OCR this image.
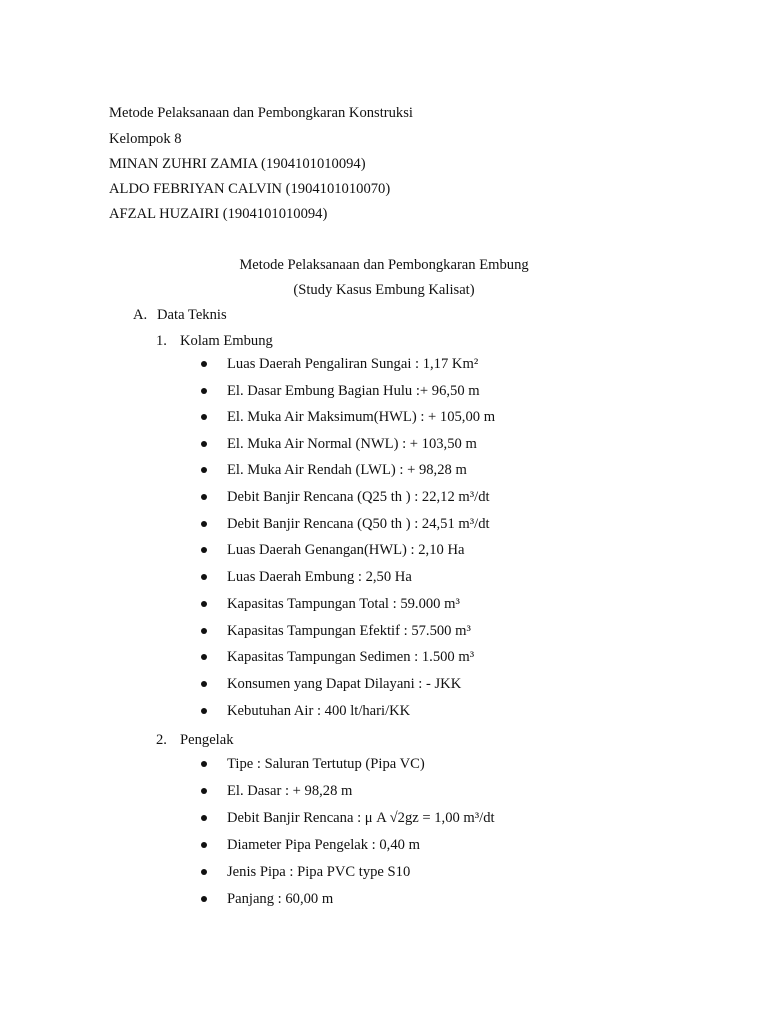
Metode Pelaksanaan dan Pembongkaran Konstruksi
Kelompok 8
MINAN ZUHRI ZAMIA (1904101010094)
ALDO FEBRIYAN CALVIN (1904101010070)
AFZAL HUZAIRI (1904101010094)
Metode Pelaksanaan dan Pembongkaran Embung
(Study Kasus Embung Kalisat)
A. Data Teknis
1. Kolam Embung
Luas Daerah Pengaliran Sungai : 1,17 Km²
El. Dasar Embung Bagian Hulu :+ 96,50 m
El. Muka Air Maksimum(HWL) : + 105,00 m
El. Muka Air Normal (NWL) : + 103,50 m
El. Muka Air Rendah (LWL) : + 98,28 m
Debit Banjir Rencana (Q25 th ) : 22,12 m³/dt
Debit Banjir Rencana (Q50 th ) : 24,51 m³/dt
Luas Daerah Genangan(HWL) : 2,10 Ha
Luas Daerah Embung : 2,50 Ha
Kapasitas Tampungan Total : 59.000 m³
Kapasitas Tampungan Efektif : 57.500 m³
Kapasitas Tampungan Sedimen : 1.500 m³
Konsumen yang Dapat Dilayani : - JKK
Kebutuhan Air : 400 lt/hari/KK
2. Pengelak
Tipe : Saluran Tertutup (Pipa VC)
El. Dasar : + 98,28 m
Debit Banjir Rencana : μ A √2gz = 1,00 m³/dt
Diameter Pipa Pengelak : 0,40 m
Jenis Pipa : Pipa PVC type S10
Panjang : 60,00 m
